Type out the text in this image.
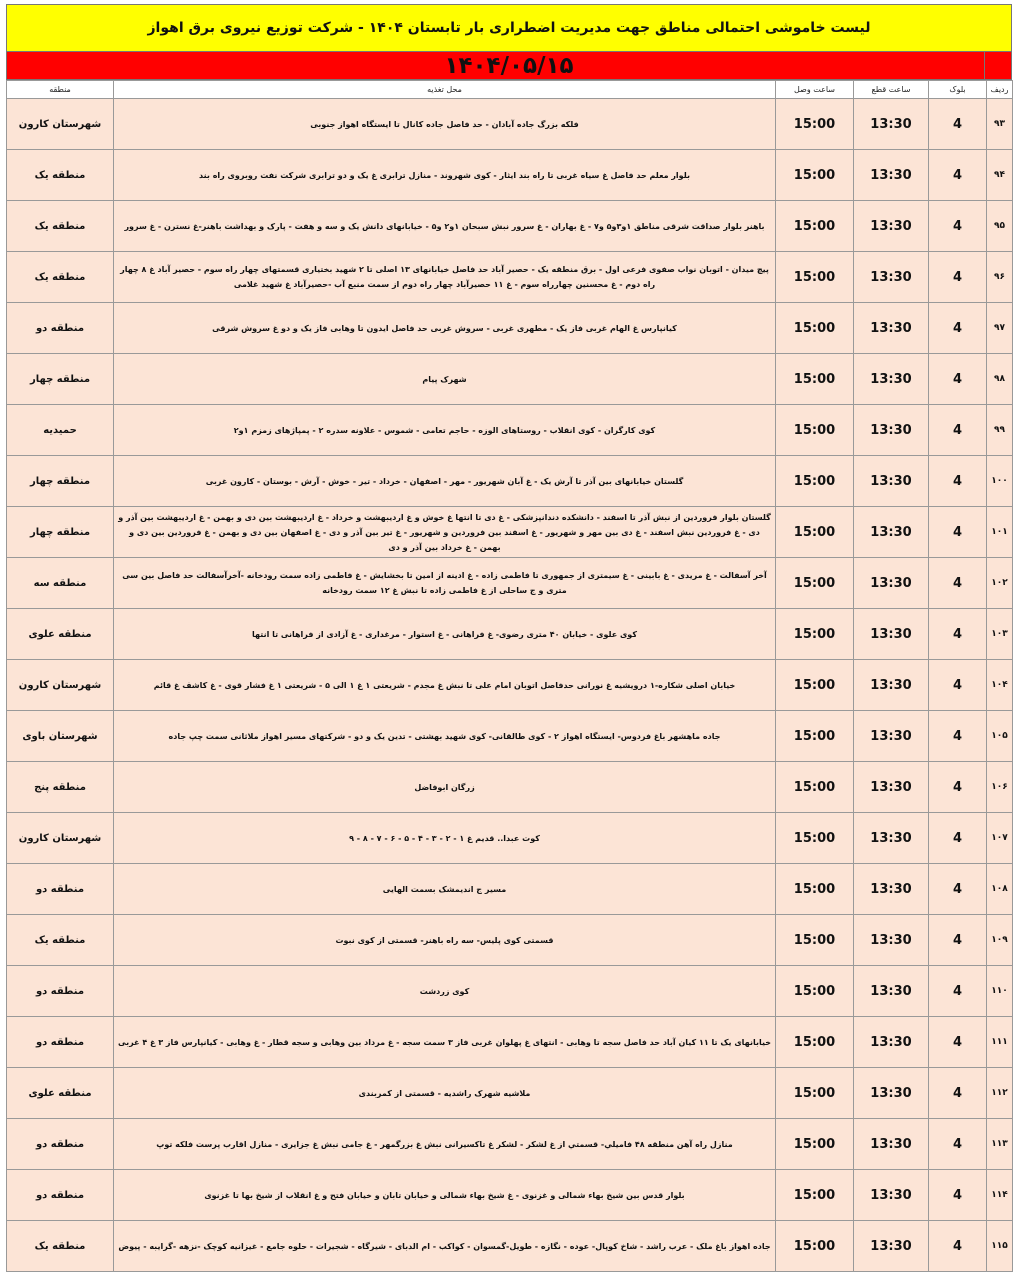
لیست خاموشی احتمالی مناطق جهت مدیریت اضطراری بار تابستان ۱۴۰۴ - شرکت توزیع نیروی برق اهواز
۱۴۰۴/۰۵/۱۵
ردیف	بلوک	ساعت قطع	ساعت وصل	محل تغذیه	منطقه
۹۳	4	13:30	15:00	فلکه بزرگ جاده آبادان - حد فاصل جاده کانال تا ایستگاه اهواز جنوبی	شهرستان کارون
۹۴	4	13:30	15:00	بلوار معلم حد فاصل غ سیاه غربی تا راه بند ایثار - کوی شهروند - منازل ترابری غ یک و دو ترابری شرکت نفت روبروی راه بند	منطقه یک
۹۵	4	13:30	15:00	باهنر بلوار صداقت شرقی مناطق ۱و۳و۵ و۷ - غ بهاران - غ سرور نبش سبحان ۱و۲ و۵ - خیابانهای دانش یک و سه و هفت - پارک و بهداشت باهنر-غ نسترن - غ سرور	منطقه یک
۹۶	4	13:30	15:00	پیچ میدان - اتوبان نواب صفوی فرعی اول - برق منطقه یک - حصیر آباد حد فاصل خیابانهای ۱۳ اصلی تا ۲ شهید بختیاری قسمتهای چهار راه سوم - حصیر آباد غ ۸ چهار راه دوم - غ محسنین چهارراه سوم - غ ۱۱ حصیرآباد چهار راه دوم از سمت منبع آب -حصیرآباد غ شهید غلامی	منطقه یک
۹۷	4	13:30	15:00	کیانپارس غ الهام غربی فاز یک - مطهری غربی - سروش غربی حد فاصل ایدون تا وهابی فاز یک و دو غ سروش شرقی	منطقه دو
۹۸	4	13:30	15:00	شهرک پیام	منطقه چهار
۹۹	4	13:30	15:00	کوی کارگران - کوی انقلاب - روستاهای الوزه - حاجم تعامی - شموس - علاونه سدره ۲ - پمپاژهای زمزم ۱و۲	حمیدیه
۱۰۰	4	13:30	15:00	گلستان خیابانهای بین آذر تا آرش یک - غ آبان شهریور - مهر - اصفهان - خرداد - تیر - خوش - آرش - بوستان - کارون غربی	منطقه چهار
۱۰۱	4	13:30	15:00	گلستان بلوار فروردین از نبش آذر تا اسفند - دانشکده دندانپزشکی - غ دی تا انتها غ خوش و غ اردیبهشت و خرداد - غ اردیبهشت بین دی و بهمن - غ اردیبهشت بین آذر و دی - غ فروردین نبش اسفند - غ دی بین مهر و شهریور - غ اسفند بین فروردین و شهریور - غ تیر بین آذر و دی - غ اصفهان بین دی و بهمن - غ فروردین بین دی و بهمن - غ خرداد بین آذر و دی	منطقه چهار
۱۰۲	4	13:30	15:00	آخر آسفالت - غ مریدی - غ بابینی - غ سیمتری از جمهوری تا فاطمی زاده - غ ادینه از امین تا بخشایش - غ فاطمی زاده سمت رودخانه -آخرآسفالت حد فاصل بین سی متری و ج ساحلی از غ فاطمی زاده تا نبش غ ۱۲ سمت رودخانه	منطقه سه
۱۰۳	4	13:30	15:00	کوی علوی - خیابان ۴۰ متری رضوی- غ فراهانی - غ استوار - مرغداری - غ آزادی از فراهانی تا انتها	منطقه علوی
۱۰۴	4	13:30	15:00	خیابان اصلی شکاره-۱ درویشیه غ نورانی حدفاصل اتوبان امام علی تا نبش غ مجدم - شریعتی ۱ غ ۱ الی ۵ - شریعتی ۱ غ فشار قوی - غ کاشف غ قائم	شهرستان کارون
۱۰۵	4	13:30	15:00	جاده ماهشهر باغ فردوس- ایستگاه اهواز ۲ - کوی طالقانی- کوی شهید بهشتی - تدین یک و دو - شرکتهای مسیر اهواز ملاثانی سمت چپ جاده	شهرستان باوی
۱۰۶	4	13:30	15:00	زرگان ابوفاضل	منطقه پنج
۱۰۷	4	13:30	15:00	کوت عبدا.. قدیم غ ۱ - ۲ - ۳ - ۴ - ۵ - ۶ - ۷ - ۸ - ۹	شهرستان کارون
۱۰۸	4	13:30	15:00	مسیر ج اندیمشک بسمت الهایی	منطقه دو
۱۰۹	4	13:30	15:00	قسمتی کوی پلیس- سه راه باهنر- قسمتی از کوی نبوت	منطقه یک
۱۱۰	4	13:30	15:00	کوی زردشت	منطقه دو
۱۱۱	4	13:30	15:00	خیابانهای یک تا ۱۱ کیان آباد حد فاصل سجه تا وهابی - انتهای غ پهلوان غربی فاز ۳ سمت سجه - غ مرداد بین وهابی و سجه قطار - غ وهابی - کیانپارس فاز ۳ غ ۴ غربی	منطقه دو
۱۱۲	4	13:30	15:00	ملاشیه شهرک راشدیه - قسمتی از کمربندی	منطقه علوی
۱۱۳	4	13:30	15:00	منازل راه آهن منطقه ۴۸ فاميلي- قسمتي از غ لشكر - لشکر غ تاکسیرانی نبش غ بزرگمهر - غ جامی نبش غ جزایری - منازل اقارب پرست فلکه توپ	منطقه دو
۱۱۴	4	13:30	15:00	بلوار قدس بین شیخ بهاء شمالی و غزنوی - غ شیخ بهاء شمالی و خیابان تابان و خیابان فتح و غ انقلاب از شیخ بها تا غزنوی	منطقه دو
۱۱۵	4	13:30	15:00	جاده اهواز باغ ملک - عرب راشد - شاخ کوپال- عوده - نگازه - طویل-گمسوان - کواکب - ام الدبای - شیرگاه - شجیرات - حلوه جامع - غیزانیه کوچک -نزهه -گرایبه - پیوض	منطقه یک
